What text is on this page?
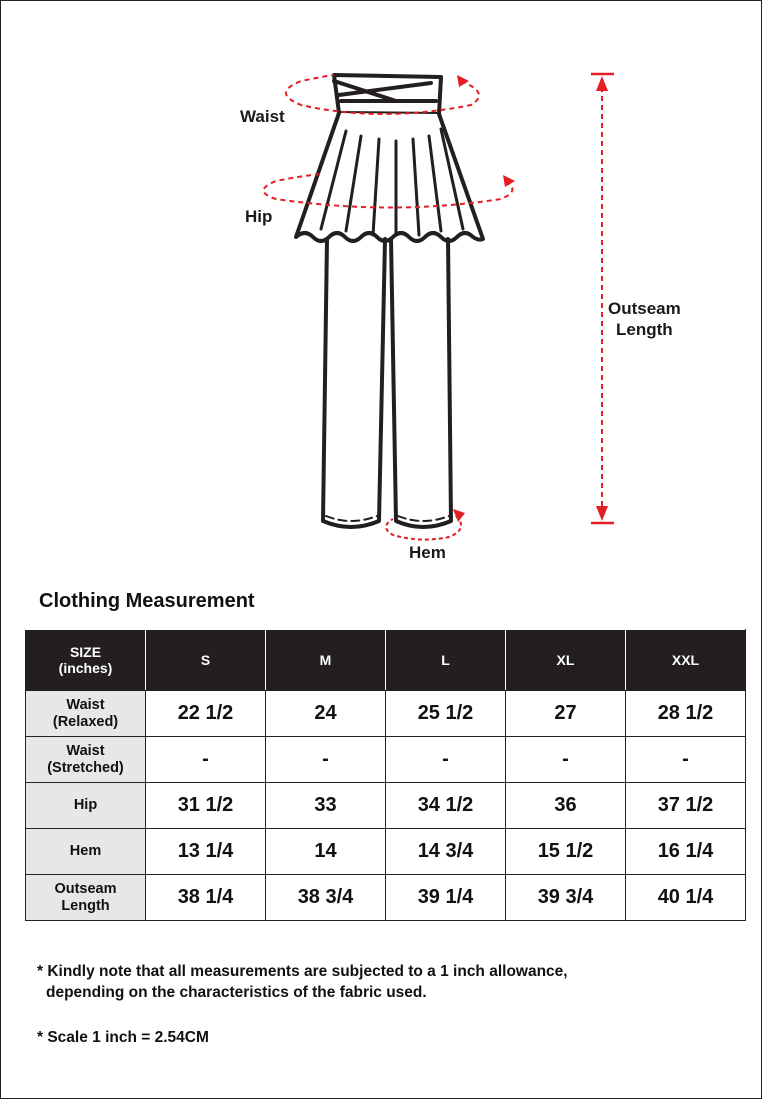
Waist
Hip
Hem
Outseam
Length
Clothing Measurement
SIZE
(inches)	S	M	L	XL	XXL

Waist
(Relaxed)	22 1/2	24	25 1/2	27	28 1/2

Waist
(Stretched)	-	-	-	-	-

Hip	31 1/2	33	34 1/2	36	37 1/2

Hem	13 1/4	14	14 3/4	15 1/2	16 1/4

Outseam
Length	38 1/4	38 3/4	39 1/4	39 3/4	40 1/4
* Kindly note that all measurements are subjected to a 1 inch allowance,
depending on the characteristics of the fabric used.
* Scale 1 inch = 2.54CM
